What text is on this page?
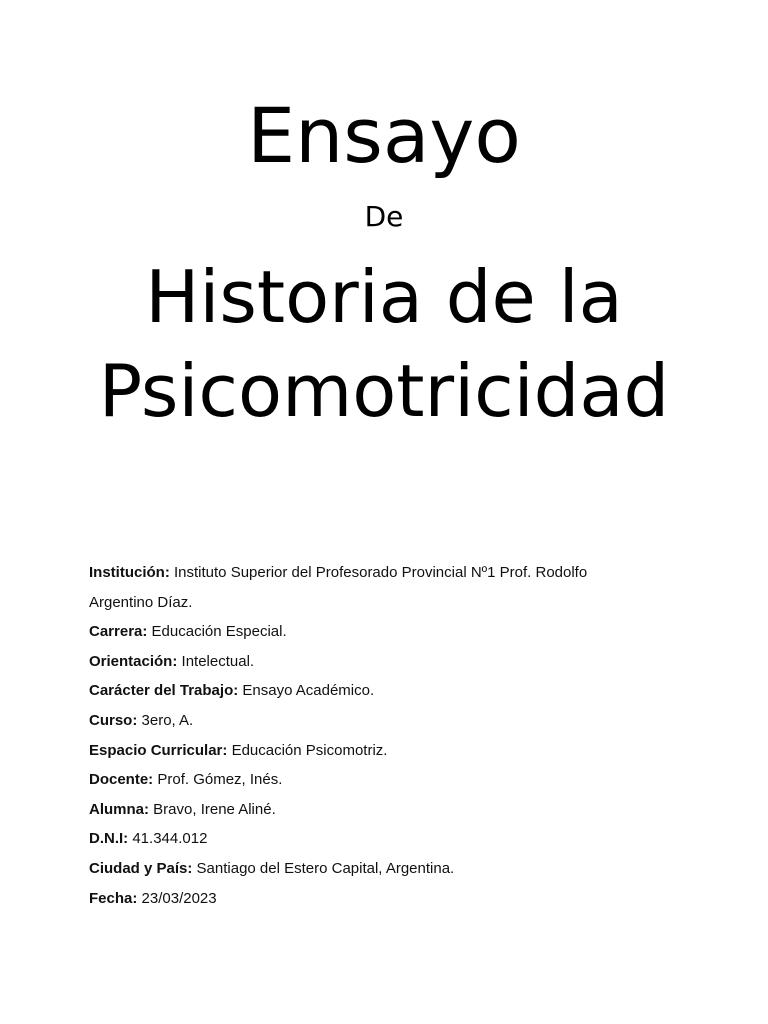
Ensayo
De
Historia de la
Psicomotricidad

Institución: Instituto Superior del Profesorado Provincial Nº1 Prof. Rodolfo

Argentino Díaz.

Carrera: Educación Especial.

Orientación: Intelectual.

Carácter del Trabajo: Ensayo Académico.

Curso: 3ero, A.

Espacio Curricular: Educación Psicomotriz.

Docente: Prof. Gómez, Inés.

Alumna: Bravo, Irene Aliné.

D.N.I: 41.344.012

Ciudad y País: Santiago del Estero Capital, Argentina.

Fecha: 23/03/2023
